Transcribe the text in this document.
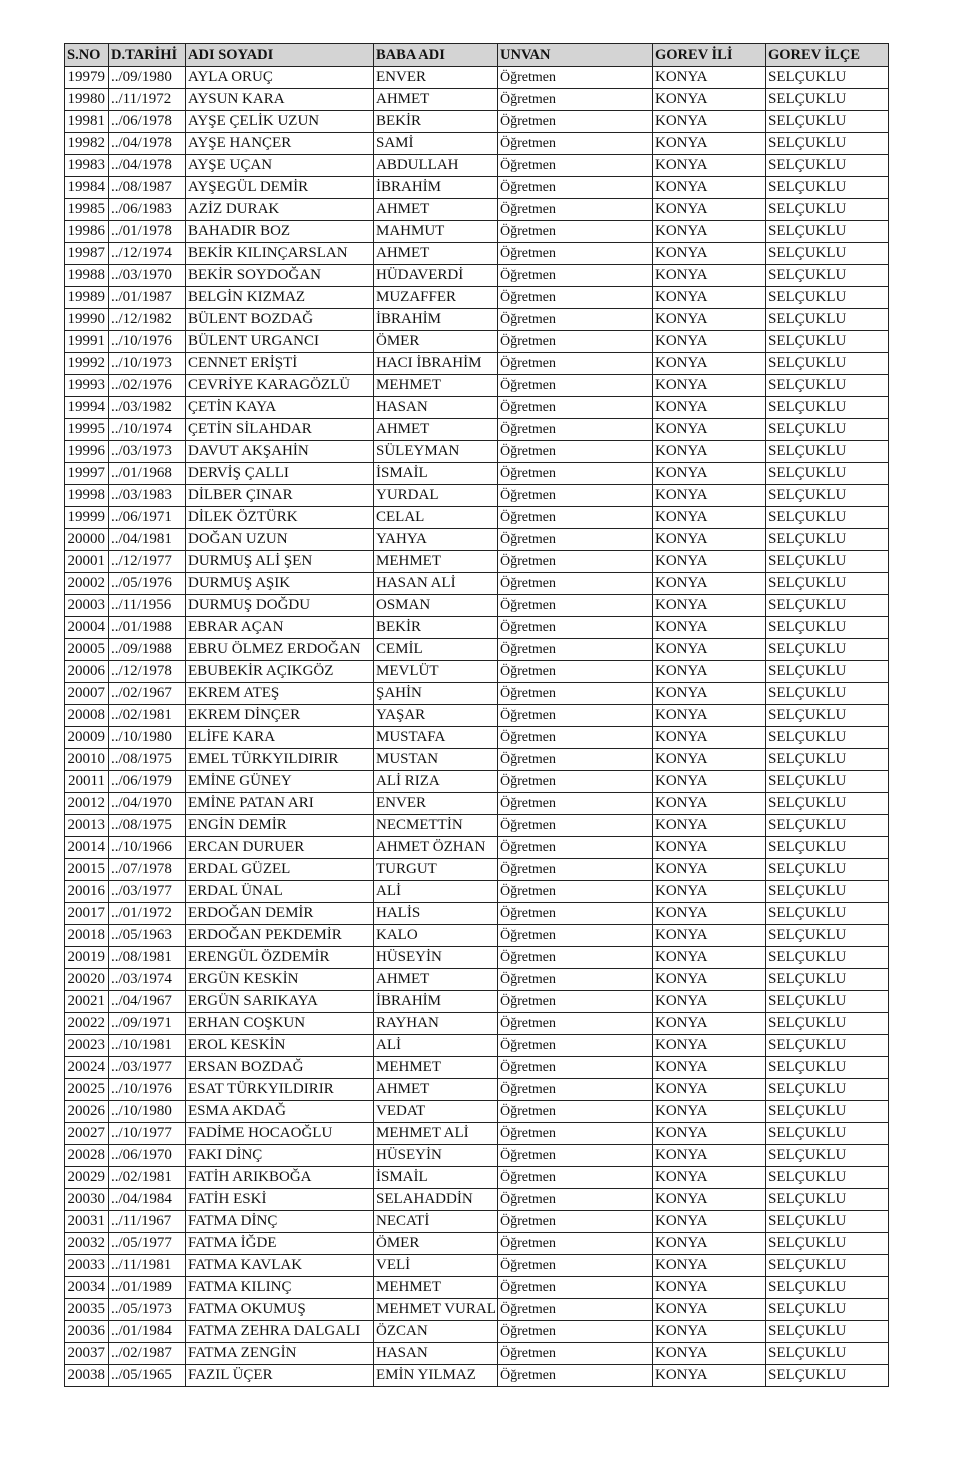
S.NO	D.TARİHİ	ADI SOYADI	BABA ADI	UNVAN	GOREV İLİ	GOREV İLÇE
19979	../09/1980	AYLA ORUÇ	ENVER	Öğretmen	KONYA	SELÇUKLU
19980	../11/1972	AYSUN KARA	AHMET	Öğretmen	KONYA	SELÇUKLU
19981	../06/1978	AYŞE ÇELİK UZUN	BEKİR	Öğretmen	KONYA	SELÇUKLU
19982	../04/1978	AYŞE HANÇER	SAMİ	Öğretmen	KONYA	SELÇUKLU
19983	../04/1978	AYŞE UÇAN	ABDULLAH	Öğretmen	KONYA	SELÇUKLU
19984	../08/1987	AYŞEGÜL DEMİR	İBRAHİM	Öğretmen	KONYA	SELÇUKLU
19985	../06/1983	AZİZ DURAK	AHMET	Öğretmen	KONYA	SELÇUKLU
19986	../01/1978	BAHADIR BOZ	MAHMUT	Öğretmen	KONYA	SELÇUKLU
19987	../12/1974	BEKİR KILINÇARSLAN	AHMET	Öğretmen	KONYA	SELÇUKLU
19988	../03/1970	BEKİR SOYDOĞAN	HÜDAVERDİ	Öğretmen	KONYA	SELÇUKLU
19989	../01/1987	BELGİN KIZMAZ	MUZAFFER	Öğretmen	KONYA	SELÇUKLU
19990	../12/1982	BÜLENT BOZDAĞ	İBRAHİM	Öğretmen	KONYA	SELÇUKLU
19991	../10/1976	BÜLENT URGANCI	ÖMER	Öğretmen	KONYA	SELÇUKLU
19992	../10/1973	CENNET ERİŞTİ	HACI İBRAHİM	Öğretmen	KONYA	SELÇUKLU
19993	../02/1976	CEVRİYE KARAGÖZLÜ	MEHMET	Öğretmen	KONYA	SELÇUKLU
19994	../03/1982	ÇETİN KAYA	HASAN	Öğretmen	KONYA	SELÇUKLU
19995	../10/1974	ÇETİN SİLAHDAR	AHMET	Öğretmen	KONYA	SELÇUKLU
19996	../03/1973	DAVUT AKŞAHİN	SÜLEYMAN	Öğretmen	KONYA	SELÇUKLU
19997	../01/1968	DERVİŞ ÇALLI	İSMAİL	Öğretmen	KONYA	SELÇUKLU
19998	../03/1983	DİLBER ÇINAR	YURDAL	Öğretmen	KONYA	SELÇUKLU
19999	../06/1971	DİLEK ÖZTÜRK	CELAL	Öğretmen	KONYA	SELÇUKLU
20000	../04/1981	DOĞAN UZUN	YAHYA	Öğretmen	KONYA	SELÇUKLU
20001	../12/1977	DURMUŞ ALİ ŞEN	MEHMET	Öğretmen	KONYA	SELÇUKLU
20002	../05/1976	DURMUŞ AŞIK	HASAN ALİ	Öğretmen	KONYA	SELÇUKLU
20003	../11/1956	DURMUŞ DOĞDU	OSMAN	Öğretmen	KONYA	SELÇUKLU
20004	../01/1988	EBRAR AÇAN	BEKİR	Öğretmen	KONYA	SELÇUKLU
20005	../09/1988	EBRU ÖLMEZ ERDOĞAN	CEMİL	Öğretmen	KONYA	SELÇUKLU
20006	../12/1978	EBUBEKİR AÇIKGÖZ	MEVLÜT	Öğretmen	KONYA	SELÇUKLU
20007	../02/1967	EKREM ATEŞ	ŞAHİN	Öğretmen	KONYA	SELÇUKLU
20008	../02/1981	EKREM DİNÇER	YAŞAR	Öğretmen	KONYA	SELÇUKLU
20009	../10/1980	ELİFE KARA	MUSTAFA	Öğretmen	KONYA	SELÇUKLU
20010	../08/1975	EMEL TÜRKYILDIRIR	MUSTAN	Öğretmen	KONYA	SELÇUKLU
20011	../06/1979	EMİNE GÜNEY	ALİ RIZA	Öğretmen	KONYA	SELÇUKLU
20012	../04/1970	EMİNE PATAN ARI	ENVER	Öğretmen	KONYA	SELÇUKLU
20013	../08/1975	ENGİN DEMİR	NECMETTİN	Öğretmen	KONYA	SELÇUKLU
20014	../10/1966	ERCAN DURUER	AHMET ÖZHAN	Öğretmen	KONYA	SELÇUKLU
20015	../07/1978	ERDAL GÜZEL	TURGUT	Öğretmen	KONYA	SELÇUKLU
20016	../03/1977	ERDAL ÜNAL	ALİ	Öğretmen	KONYA	SELÇUKLU
20017	../01/1972	ERDOĞAN DEMİR	HALİS	Öğretmen	KONYA	SELÇUKLU
20018	../05/1963	ERDOĞAN PEKDEMİR	KALO	Öğretmen	KONYA	SELÇUKLU
20019	../08/1981	ERENGÜL ÖZDEMİR	HÜSEYİN	Öğretmen	KONYA	SELÇUKLU
20020	../03/1974	ERGÜN KESKİN	AHMET	Öğretmen	KONYA	SELÇUKLU
20021	../04/1967	ERGÜN SARIKAYA	İBRAHİM	Öğretmen	KONYA	SELÇUKLU
20022	../09/1971	ERHAN COŞKUN	RAYHAN	Öğretmen	KONYA	SELÇUKLU
20023	../10/1981	EROL KESKİN	ALİ	Öğretmen	KONYA	SELÇUKLU
20024	../03/1977	ERSAN BOZDAĞ	MEHMET	Öğretmen	KONYA	SELÇUKLU
20025	../10/1976	ESAT TÜRKYILDIRIR	AHMET	Öğretmen	KONYA	SELÇUKLU
20026	../10/1980	ESMA AKDAĞ	VEDAT	Öğretmen	KONYA	SELÇUKLU
20027	../10/1977	FADİME HOCAOĞLU	MEHMET ALİ	Öğretmen	KONYA	SELÇUKLU
20028	../06/1970	FAKI DİNÇ	HÜSEYİN	Öğretmen	KONYA	SELÇUKLU
20029	../02/1981	FATİH ARIKBOĞA	İSMAİL	Öğretmen	KONYA	SELÇUKLU
20030	../04/1984	FATİH ESKİ	SELAHADDİN	Öğretmen	KONYA	SELÇUKLU
20031	../11/1967	FATMA DİNÇ	NECATİ	Öğretmen	KONYA	SELÇUKLU
20032	../05/1977	FATMA İĞDE	ÖMER	Öğretmen	KONYA	SELÇUKLU
20033	../11/1981	FATMA KAVLAK	VELİ	Öğretmen	KONYA	SELÇUKLU
20034	../01/1989	FATMA KILINÇ	MEHMET	Öğretmen	KONYA	SELÇUKLU
20035	../05/1973	FATMA OKUMUŞ	MEHMET VURAL	Öğretmen	KONYA	SELÇUKLU
20036	../01/1984	FATMA ZEHRA DALGALI	ÖZCAN	Öğretmen	KONYA	SELÇUKLU
20037	../02/1987	FATMA ZENGİN	HASAN	Öğretmen	KONYA	SELÇUKLU
20038	../05/1965	FAZIL ÜÇER	EMİN YILMAZ	Öğretmen	KONYA	SELÇUKLU
